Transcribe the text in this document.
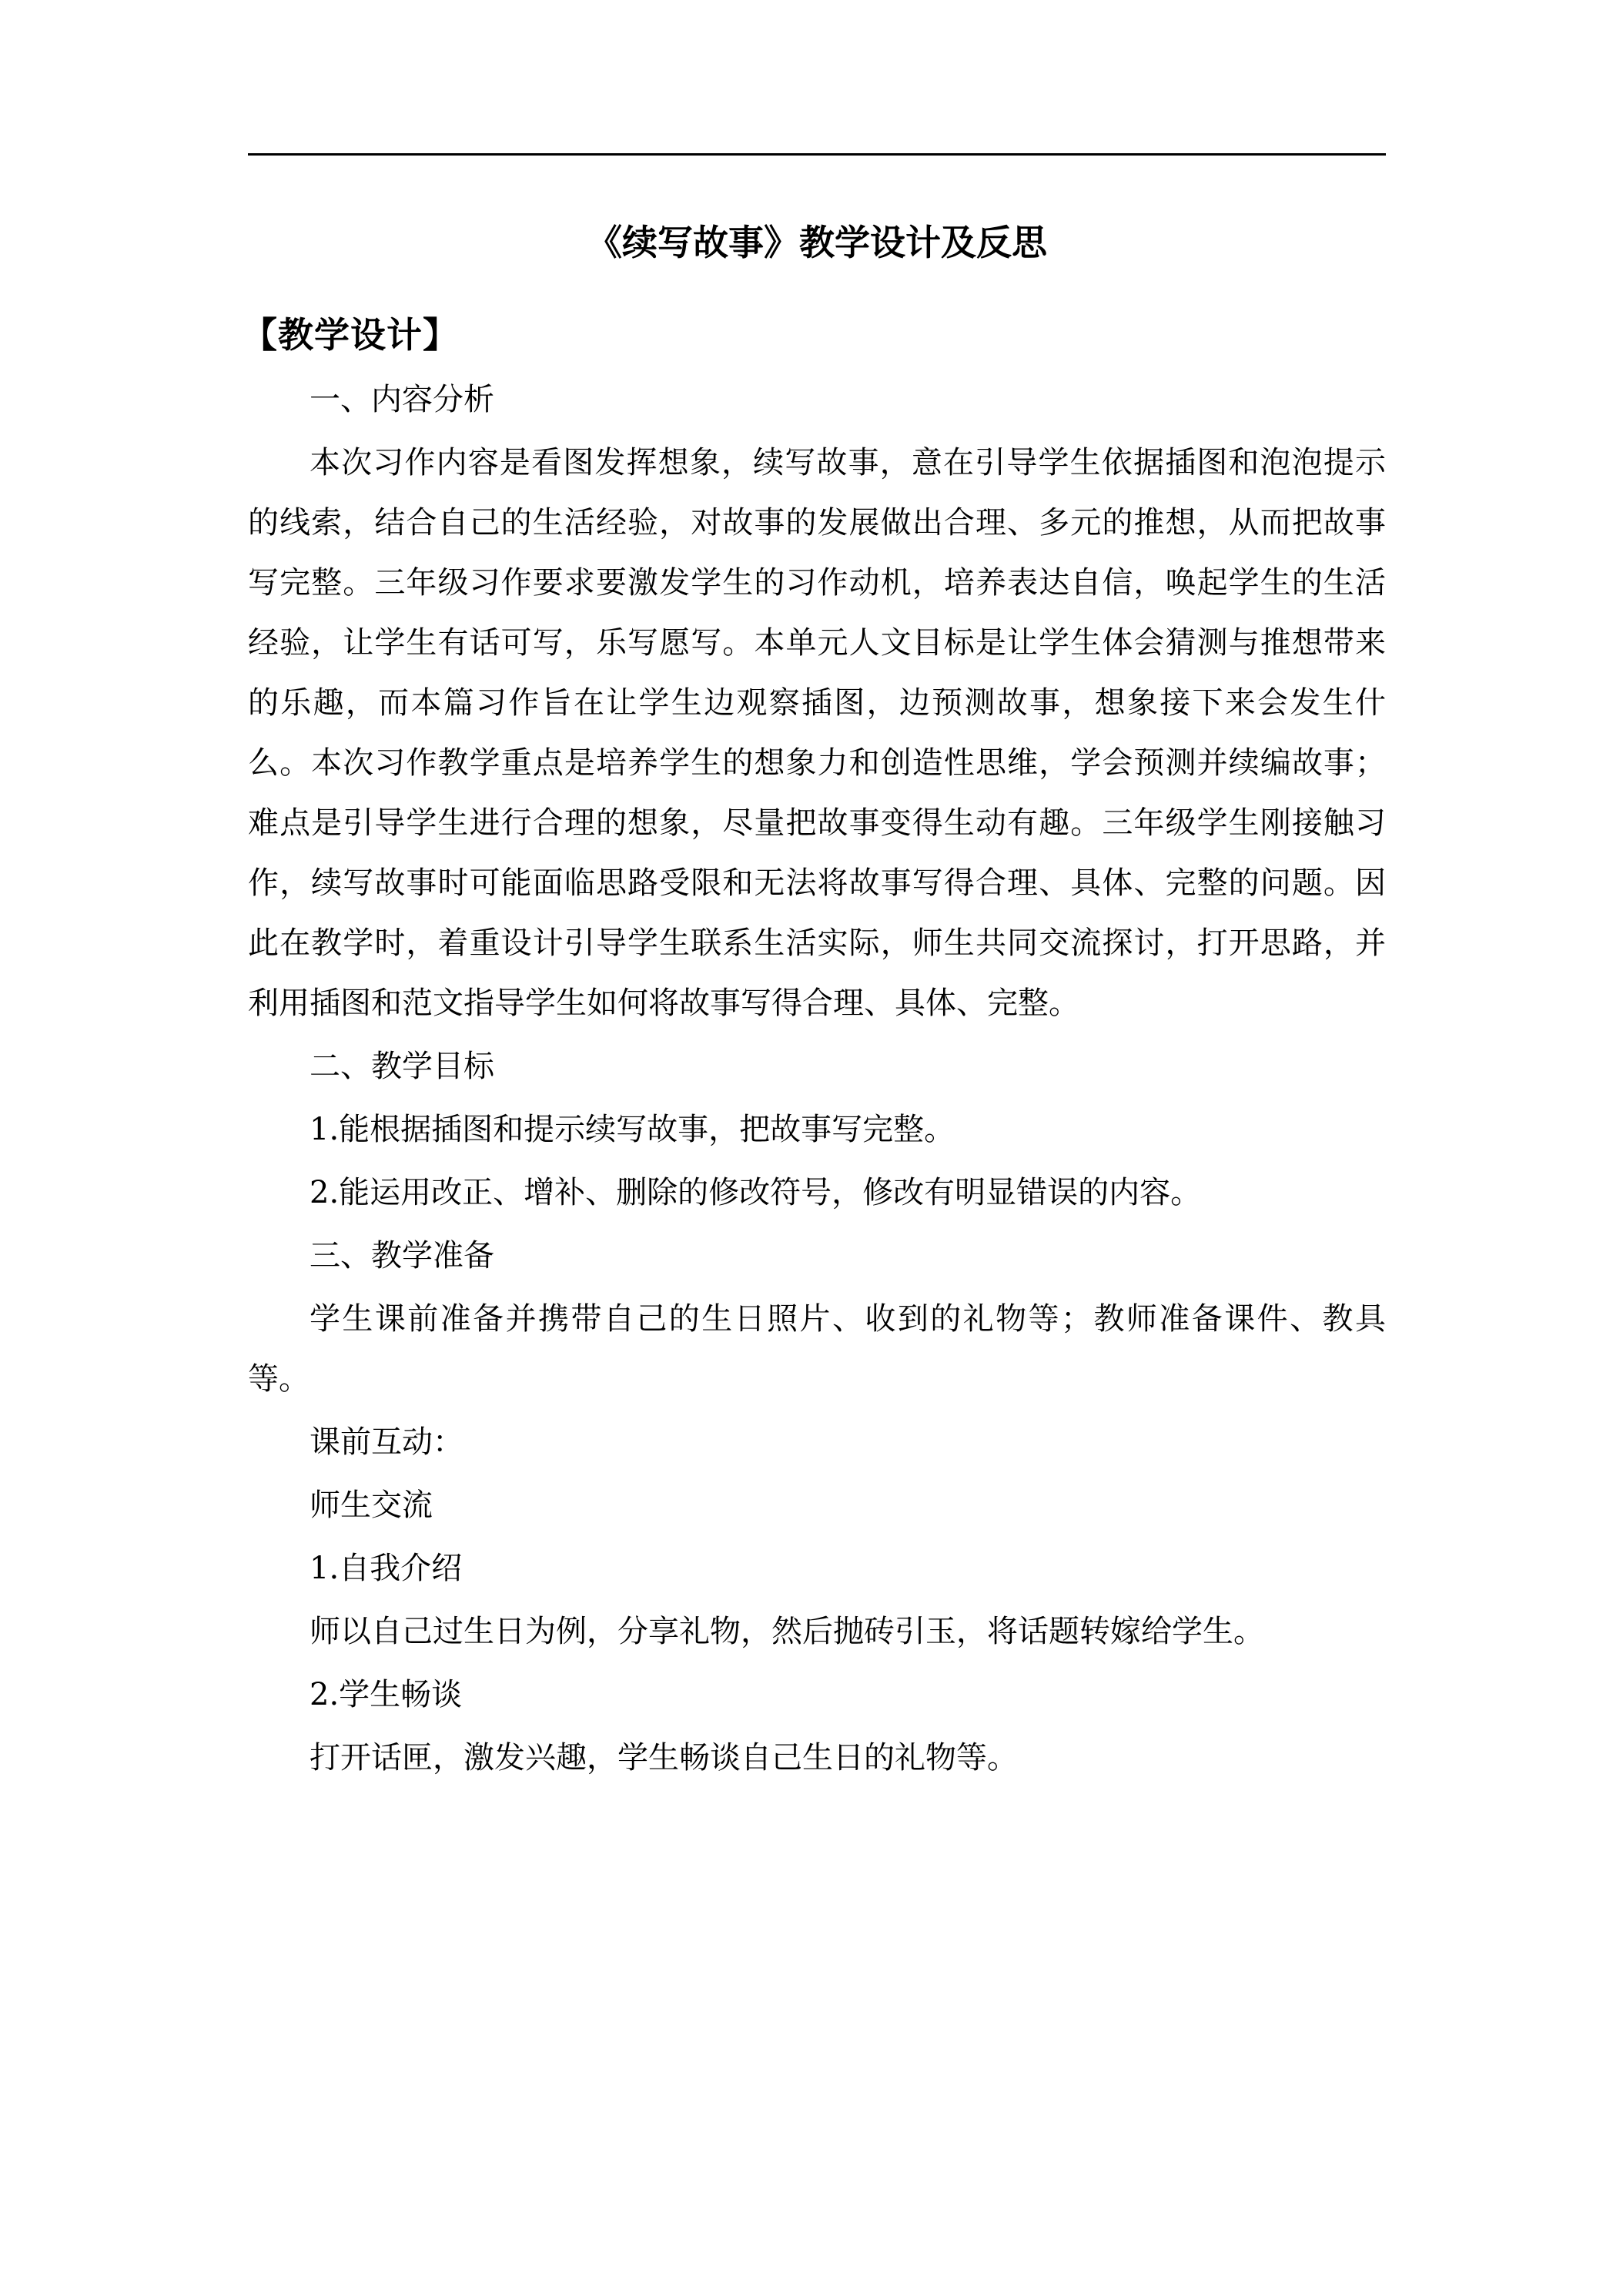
《续写故事》教学设计及反思
【教学设计】

一、内容分析

本次习作内容是看图发挥想象，续写故事，意在引导学生依据插图和泡泡提示的线索，结合自己的生活经验，对故事的发展做出合理、多元的推想，从而把故事写完整。三年级习作要求要激发学生的习作动机，培养表达自信，唤起学生的生活经验，让学生有话可写，乐写愿写。本单元人文目标是让学生体会猜测与推想带来的乐趣，而本篇习作旨在让学生边观察插图，边预测故事，想象接下来会发生什么。本次习作教学重点是培养学生的想象力和创造性思维，学会预测并续编故事；难点是引导学生进行合理的想象，尽量把故事变得生动有趣。三年级学生刚接触习作，续写故事时可能面临思路受限和无法将故事写得合理、具体、完整的问题。因此在教学时，着重设计引导学生联系生活实际，师生共同交流探讨，打开思路，并利用插图和范文指导学生如何将故事写得合理、具体、完整。

二、教学目标

1.能根据插图和提示续写故事，把故事写完整。

2.能运用改正、增补、删除的修改符号，修改有明显错误的内容。

三、教学准备

学生课前准备并携带自己的生日照片、收到的礼物等；教师准备课件、教具等。

课前互动：

师生交流

1.自我介绍

师以自己过生日为例，分享礼物，然后抛砖引玉，将话题转嫁给学生。

2.学生畅谈

打开话匣，激发兴趣，学生畅谈自己生日的礼物等。
